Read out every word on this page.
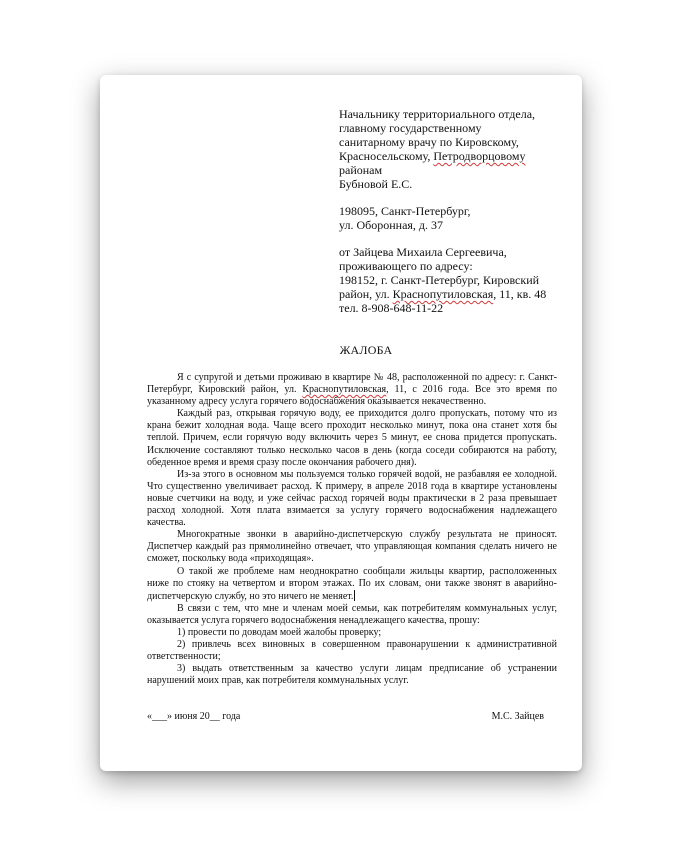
Начальнику территориального отдела,
главному государственному
санитарному врачу по Кировскому,
Красносельскому, Петродворцовому
районам
Бубновой Е.С.
198095, Санкт-Петербург,
ул. Оборонная, д. 37
от Зайцева Михаила Сергеевича,
проживающего по адресу:
198152, г. Санкт-Петербург, Кировский
район, ул. Краснопутиловская, 11, кв. 48
тел. 8-908-648-11-22
ЖАЛОБА

Я с супругой и детьми проживаю в квартире № 48, расположенной по адресу: г. Санкт-Петербург, Кировский район, ул. Краснопутиловская, 11, с 2016 года. Все это время по указанному адресу услуга горячего водоснабжения оказывается некачественно.

Каждый раз, открывая горячую воду, ее приходится долго пропускать, потому что из крана бежит холодная вода. Чаще всего проходит несколько минут, пока она станет хотя бы теплой. Причем, если горячую воду включить через 5 минут, ее снова придется пропускать. Исключение составляют только несколько часов в день (когда соседи собираются на работу, обеденное время и время сразу после окончания рабочего дня).

Из-за этого в основном мы пользуемся только горячей водой, не разбавляя ее холодной. Что существенно увеличивает расход. К примеру, в апреле 2018 года в квартире установлены новые счетчики на воду, и уже сейчас расход горячей воды практически в 2 раза превышает расход холодной. Хотя плата взимается за услугу горячего водоснабжения надлежащего качества.

Многократные звонки в аварийно-диспетчерскую службу результата не приносят. Диспетчер каждый раз прямолинейно отвечает, что управляющая компания сделать ничего не сможет, поскольку вода «приходящая».

О такой же проблеме нам неоднократно сообщали жильцы квартир, расположенных ниже по стояку на четвертом и втором этажах. По их словам, они также звонят в аварийно-диспетчерскую службу, но это ничего не меняет.

В связи с тем, что мне и членам моей семьи, как потребителям коммунальных услуг, оказывается услуга горячего водоснабжения ненадлежащего качества, прошу:

1) провести по доводам моей жалобы проверку;

2) привлечь всех виновных в совершенном правонарушении к административной ответственности;

3) выдать ответственным за качество услуги лицам предписание об устранении нарушений моих прав, как потребителя коммунальных услуг.

«___» июня 20__ года	М.С. Зайцев
